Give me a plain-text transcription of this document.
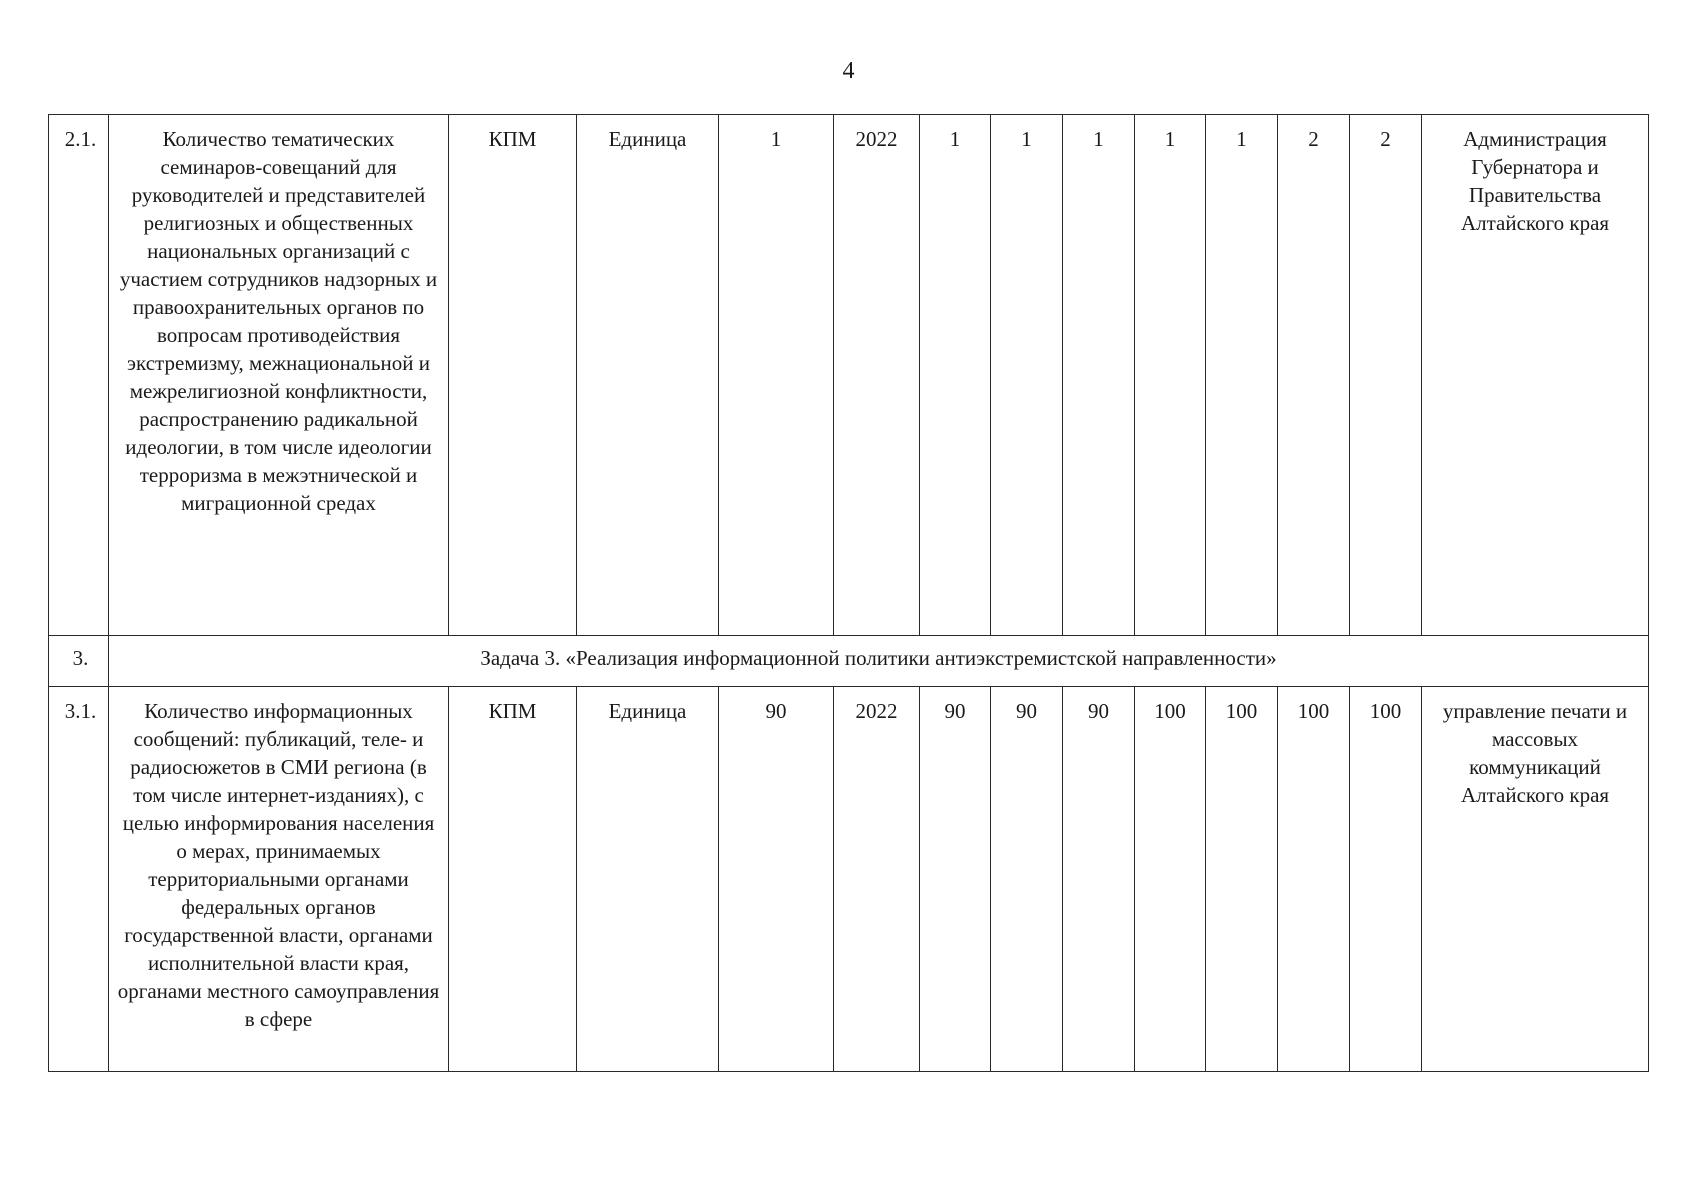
4
2.1.	Количество тематических семинаров-совещаний для руководителей и представителей религиозных и общественных национальных организаций с участием сотрудников надзорных и правоохранительных органов по вопросам противодействия экстремизму, межнациональной и межрелигиозной конфликтности, распространению радикальной идеологии, в том числе идеологии терроризма в межэтнической и миграционной средах	КПМ	Единица	1	2022	1	1	1	1	1	2	2	Администрация Губернатора и Правительства Алтайского края
3.	Задача 3. «Реализация информационной политики антиэкстремистской направленности»												
3.1.	Количество информационных сообщений: публикаций, теле- и радиосюжетов в СМИ региона (в том числе интернет-изданиях), с целью информирования населения о мерах, принимаемых территориальными органами федеральных органов государственной власти, органами исполнительной власти края, органами местного самоуправления в сфере	КПМ	Единица	90	2022	90	90	90	100	100	100	100	управление печати и массовых коммуникаций Алтайского края
